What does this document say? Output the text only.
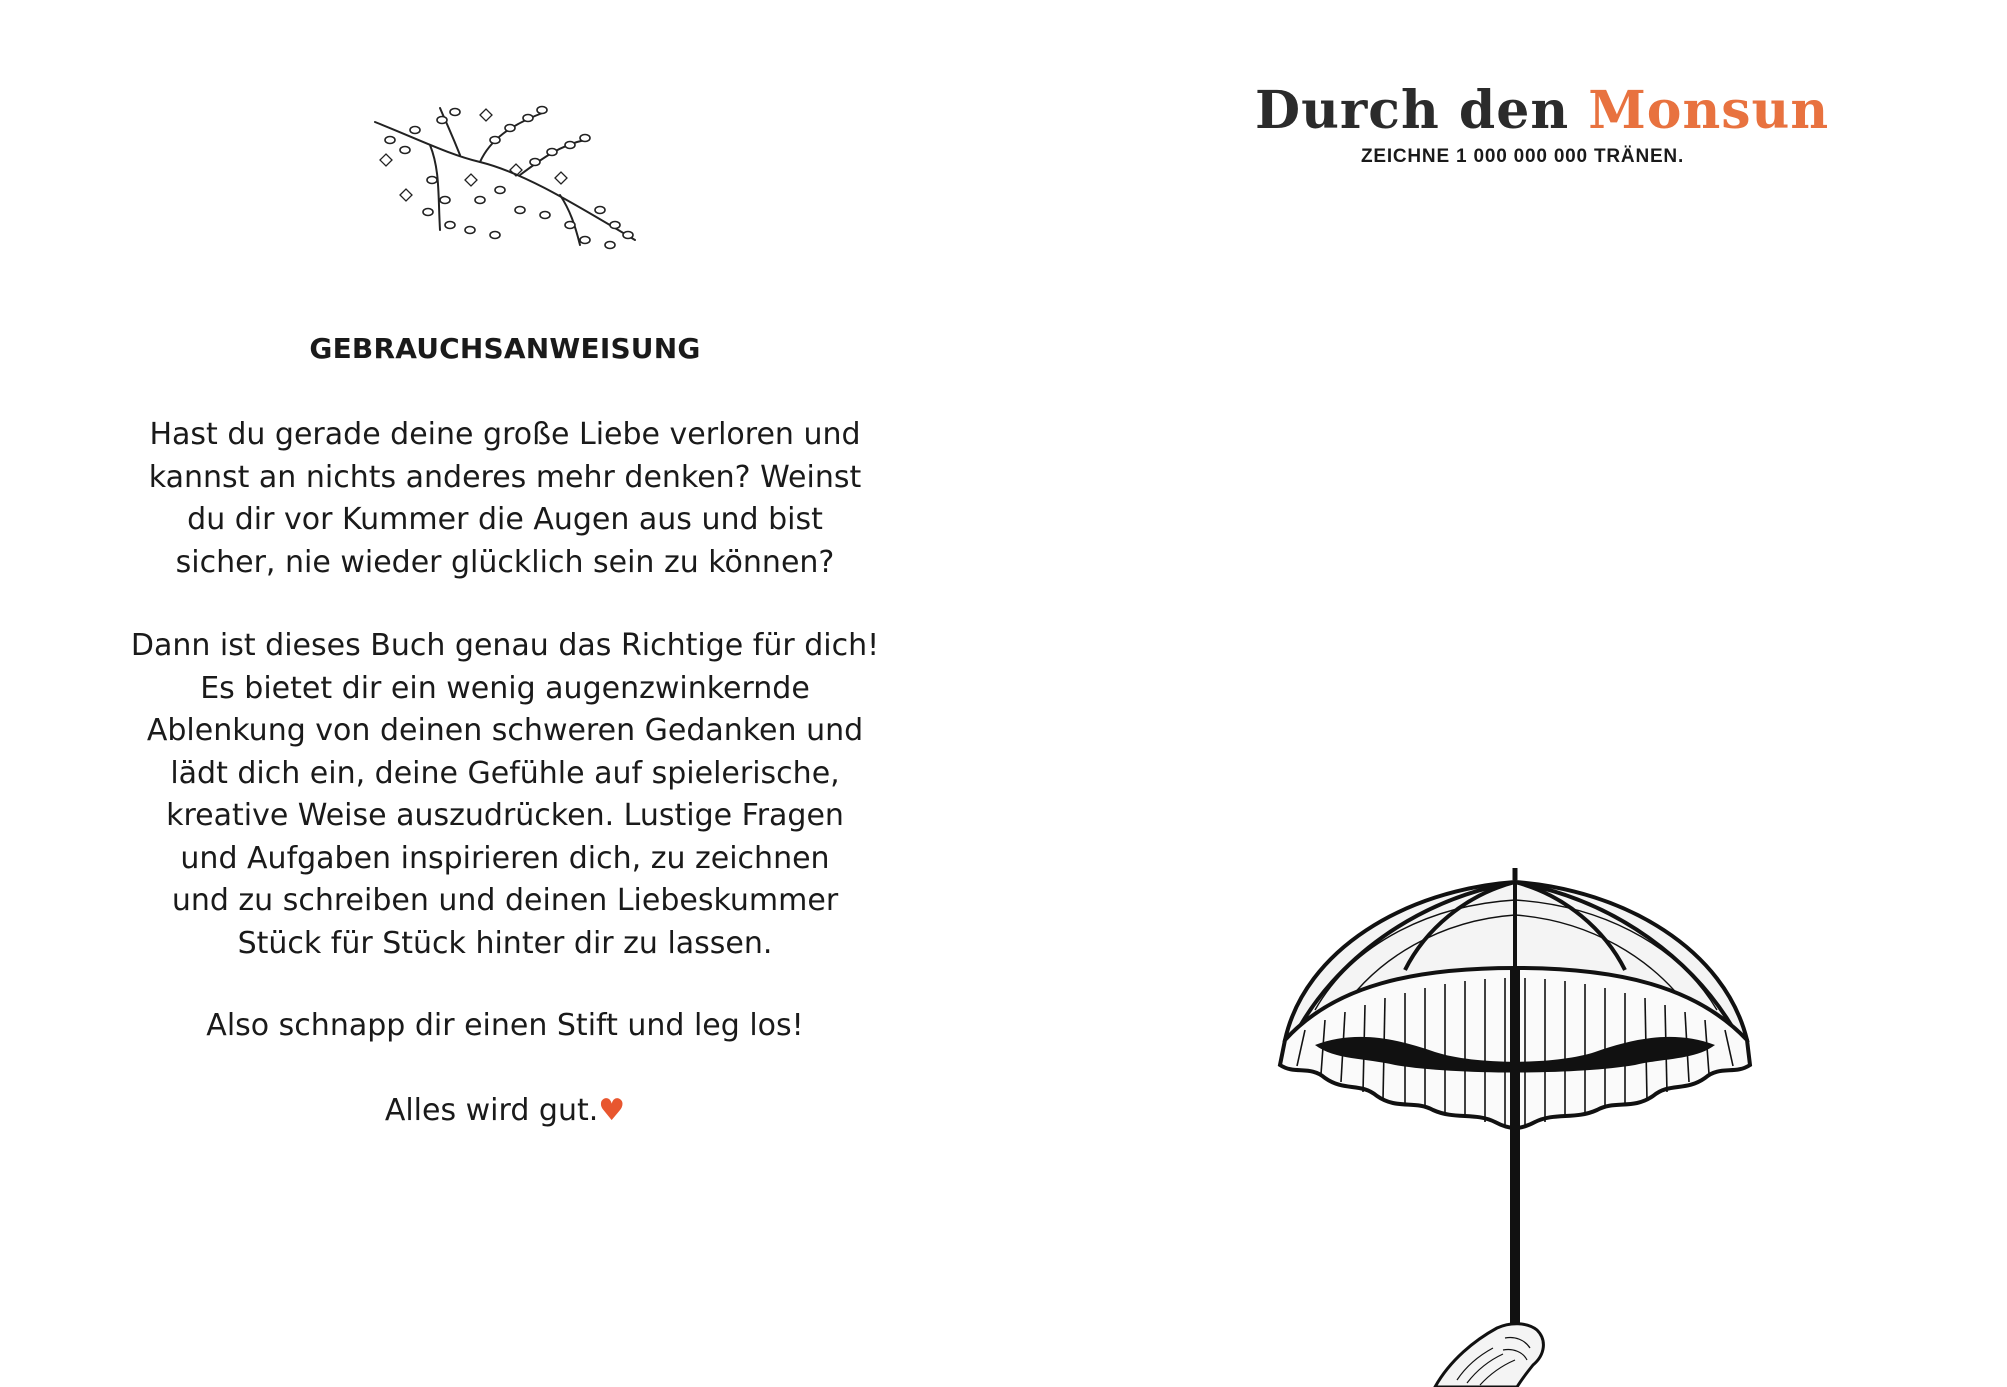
GEBRAUCHSANWEISUNG
Hast du gerade deine große Liebe verloren und
kannst an nichts anderes mehr denken? Weinst
du dir vor Kummer die Augen aus und bist
sicher, nie wieder glücklich sein zu können?
Dann ist dieses Buch genau das Richtige für dich!
Es bietet dir ein wenig augenzwinkernde
Ablenkung von deinen schweren Gedanken und
lädt dich ein, deine Gefühle auf spielerische,
kreative Weise auszudrücken. Lustige Fragen
und Aufgaben inspirieren dich, zu zeichnen
und zu schreiben und deinen Liebeskummer
Stück für Stück hinter dir zu lassen.
Also schnapp dir einen Stift und leg los!
Alles wird gut.♥
Durch den Monsun
ZEICHNE 1 000 000 000 TRÄNEN.
